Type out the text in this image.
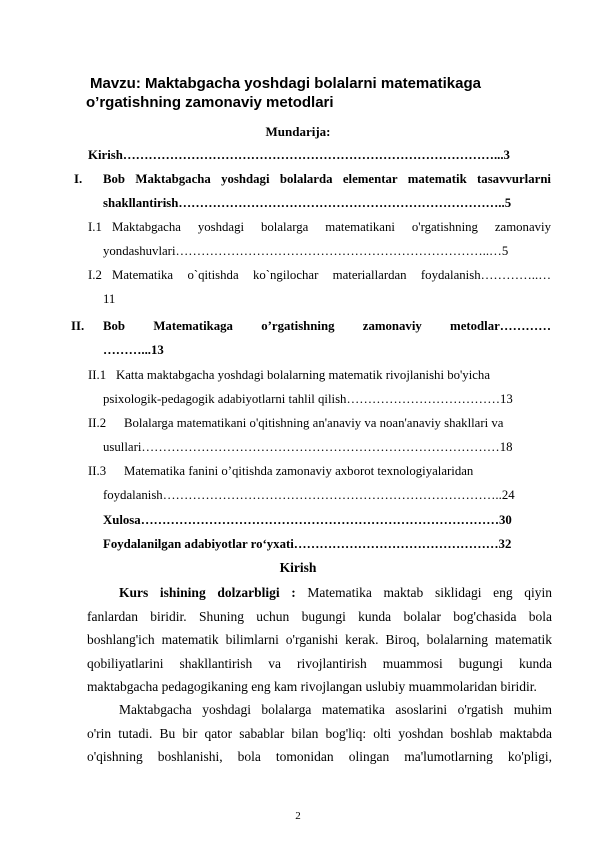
Mavzu: Maktabgacha yoshdagi bolalarni matematikaga
o’rgatishning zamonaviy metodlari
Mundarija:
Kirish……………………………………………………………………………...3
I. Bob Maktabgacha yoshdagi bolalarda elementar matematik tasavvurlarni
shakllantirish…………………………………………………………………..5
I.1 Maktabgacha yoshdagi bolalarga matematikani o'rgatishning zamonaviy
yondashuvlari………………………………………………………………..…5
I.2 Matematika o`qitishda ko`ngilochar materiallardan foydalanish…………..…
11
II. Bob Matematikaga o’rgatishning zamonaviy metodlar…………
………...13
II.1 Katta maktabgacha yoshdagi bolalarning matematik rivojlanishi bo'yicha
psixologik-pedagogik adabiyotlarni tahlil qilish………………………………13
II.2 Bolalarga matematikani o'qitishning an'anaviy va noan'anaviy shakllari va
usullari…………………………………………………………………………18
II.3 Matematika fanini o’qitishda zamonaviy axborot texnologiyalaridan
foydalanish……………………………………………………………………..24
Xulosa…………………………………………………………………………30
Foydalanilgan adabiyotlar ro‘yxati…………………………………………32
Kirish
Kurs ishining dolzarbligi : Matematika maktab siklidagi eng qiyin
fanlardan biridir. Shuning uchun bugungi kunda bolalar bog'chasida bola
boshlang'ich matematik bilimlarni o'rganishi kerak. Biroq, bolalarning matematik
qobiliyatlarini shakllantirish va rivojlantirish muammosi bugungi kunda
maktabgacha pedagogikaning eng kam rivojlangan uslubiy muammolaridan biridir.
Maktabgacha yoshdagi bolalarga matematika asoslarini o'rgatish muhim
o'rin tutadi. Bu bir qator sabablar bilan bog'liq: olti yoshdan boshlab maktabda
o'qishning boshlanishi, bola tomonidan olingan ma'lumotlarning ko'pligi,
2
